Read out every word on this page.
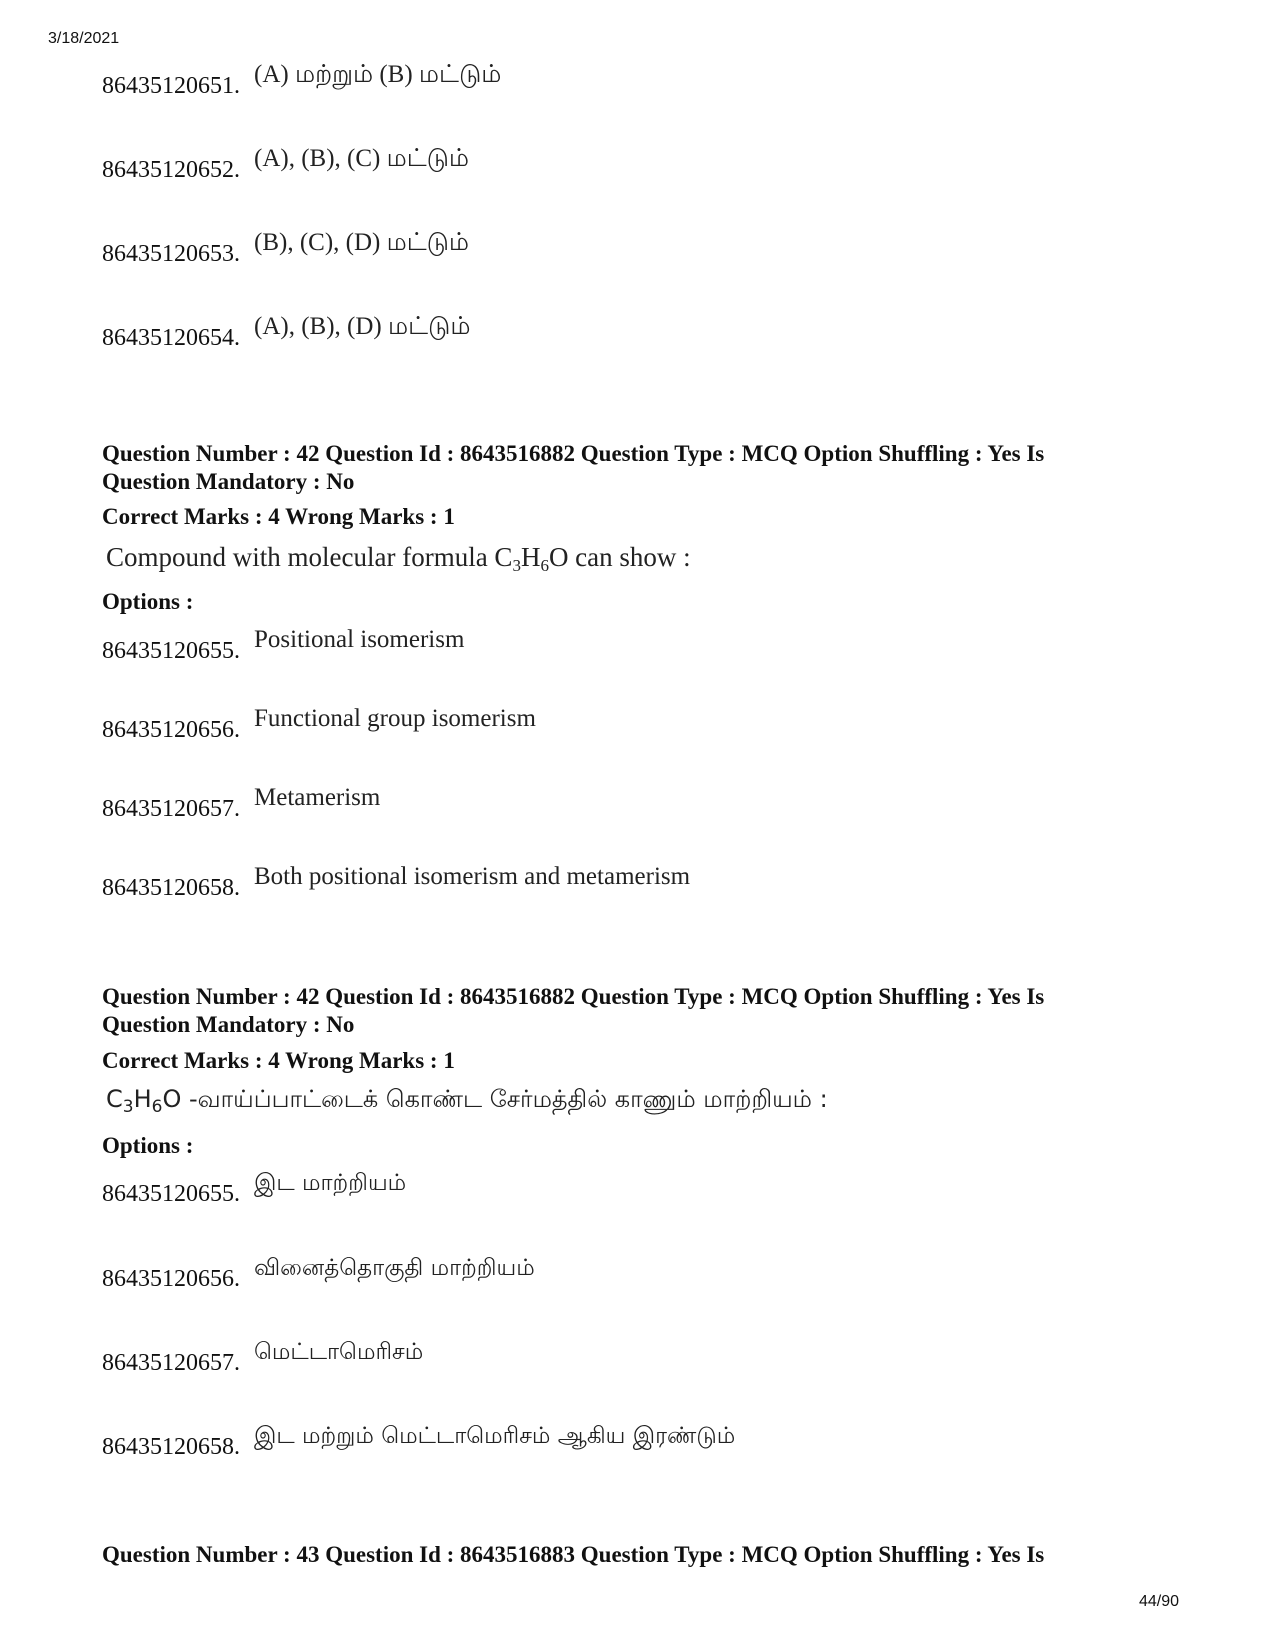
3/18/2021
86435120651. (A) மற்றும் (B) மட்டும்
86435120652. (A), (B), (C) மட்டும்
86435120653. (B), (C), (D) மட்டும்
86435120654. (A), (B), (D) மட்டும்
Question Number : 42 Question Id : 8643516882 Question Type : MCQ Option Shuffling : Yes Is
Question Mandatory : No
Correct Marks : 4 Wrong Marks : 1
Compound with molecular formula $C_3H_6O$ can show :
Options :
86435120655. Positional isomerism
86435120656. Functional group isomerism
86435120657. Metamerism
86435120658. Both positional isomerism and metamerism
Question Number : 42 Question Id : 8643516882 Question Type : MCQ Option Shuffling : Yes Is
Question Mandatory : No
Correct Marks : 4 Wrong Marks : 1
$C_3H_6O$ -வாய்ப்பாட்டைக் கொண்ட சேர்மத்தில் காணும் மாற்றியம் :
Options :
86435120655. இட மாற்றியம்
86435120656. வினைத்தொகுதி மாற்றியம்
86435120657. மெட்டாமெரிசம்
86435120658. இட மற்றும் மெட்டாமெரிசம் ஆகிய இரண்டும்
Question Number : 43 Question Id : 8643516883 Question Type : MCQ Option Shuffling : Yes Is
44/90
